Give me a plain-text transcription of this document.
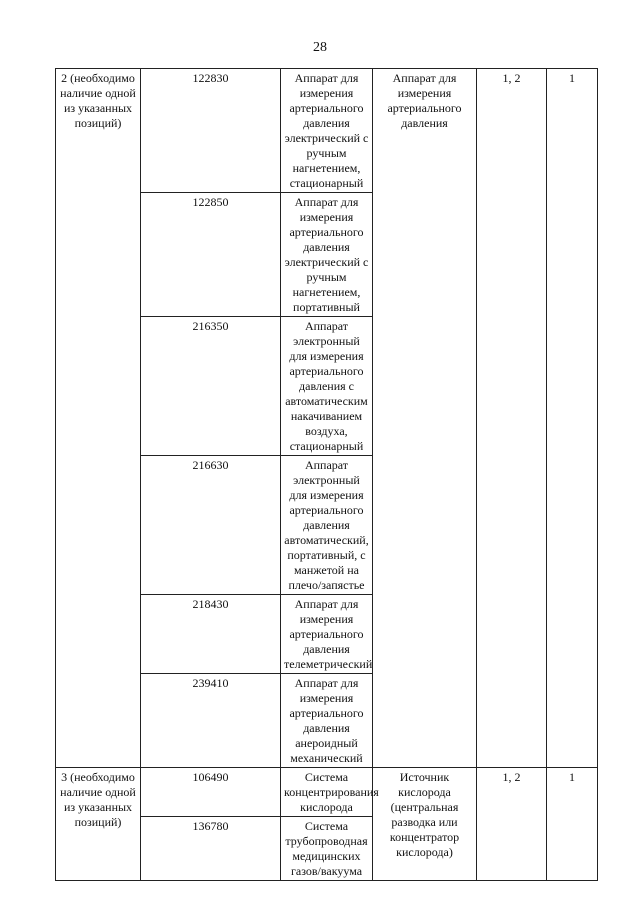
28
2 (необходимо наличие одной из указанных позиций)	122830	Аппарат для измерения артериального давления электрический с ручным нагнетением, стационарный	Аппарат для измерения артериального давления	1, 2	1
	122850	Аппарат для измерения артериального давления электрический с ручным нагнетением, портативный			
	216350	Аппарат электронный для измерения артериального давления с автоматическим накачиванием воздуха, стационарный			
	216630	Аппарат электронный для измерения артериального давления автоматический, портативный, с манжетой на плечо/запястье			
	218430	Аппарат для измерения артериального давления телеметрический			
	239410	Аппарат для измерения артериального давления анероидный механический			
3 (необходимо наличие одной из указанных позиций)	106490	Система концентрирования кислорода	Источник кислорода (центральная разводка или концентратор кислорода)	1, 2	1
	136780	Система трубопроводная медицинских газов/вакуума			
